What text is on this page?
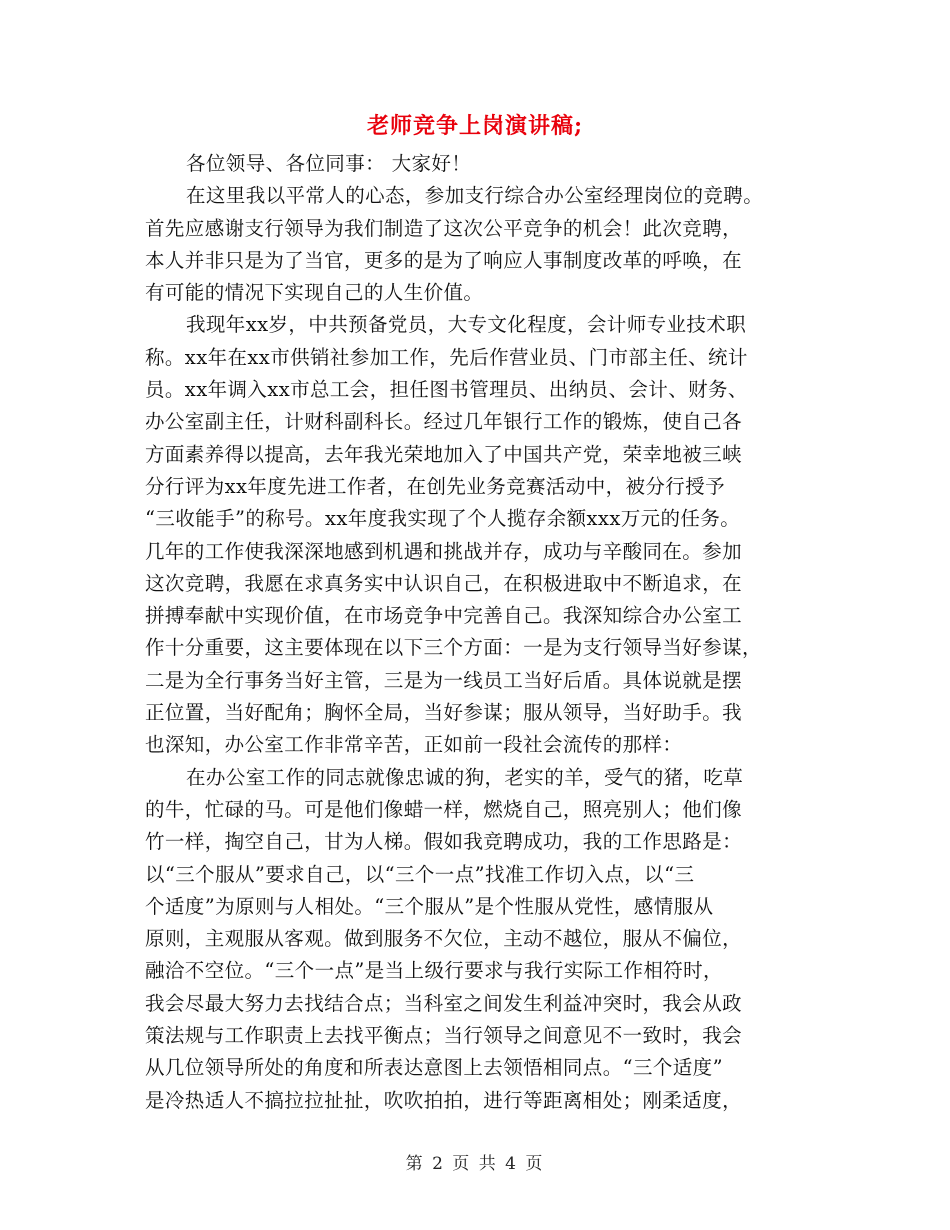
老师竞争上岗演讲稿;
各位领导、各位同事： 大家好！
在这里我以平常人的心态，参加支行综合办公室经理岗位的竞聘。
首先应感谢支行领导为我们制造了这次公平竞争的机会！此次竞聘，
本人并非只是为了当官，更多的是为了响应人事制度改革的呼唤，在
有可能的情况下实现自己的人生价值。
我现年xx岁，中共预备党员，大专文化程度，会计师专业技术职
称。xx年在xx市供销社参加工作，先后作营业员、门市部主任、统计
员。xx年调入xx市总工会，担任图书管理员、出纳员、会计、财务、
办公室副主任，计财科副科长。经过几年银行工作的锻炼，使自己各
方面素养得以提高，去年我光荣地加入了中国共产党，荣幸地被三峡
分行评为xx年度先进工作者，在创先业务竞赛活动中，被分行授予
“三收能手”的称号。xx年度我实现了个人揽存余额xxx万元的任务。
几年的工作使我深深地感到机遇和挑战并存，成功与辛酸同在。参加
这次竞聘，我愿在求真务实中认识自己，在积极进取中不断追求，在
拼搏奉献中实现价值，在市场竞争中完善自己。我深知综合办公室工
作十分重要，这主要体现在以下三个方面：一是为支行领导当好参谋，
二是为全行事务当好主管，三是为一线员工当好后盾。具体说就是摆
正位置，当好配角；胸怀全局，当好参谋；服从领导，当好助手。我
也深知，办公室工作非常辛苦，正如前一段社会流传的那样：
在办公室工作的同志就像忠诚的狗，老实的羊，受气的猪，吃草
的牛，忙碌的马。可是他们像蜡一样，燃烧自己，照亮别人；他们像
竹一样，掏空自己，甘为人梯。假如我竞聘成功，我的工作思路是：
以“三个服从”要求自己，以“三个一点”找准工作切入点，以“三
个适度”为原则与人相处。“三个服从”是个性服从党性，感情服从
原则，主观服从客观。做到服务不欠位，主动不越位，服从不偏位，
融洽不空位。“三个一点”是当上级行要求与我行实际工作相符时，
我会尽最大努力去找结合点；当科室之间发生利益冲突时，我会从政
策法规与工作职责上去找平衡点；当行领导之间意见不一致时，我会
从几位领导所处的角度和所表达意图上去领悟相同点。“三个适度”
是冷热适人不搞拉拉扯扯，吹吹拍拍，进行等距离相处；刚柔适度，
第 2 页 共 4 页
